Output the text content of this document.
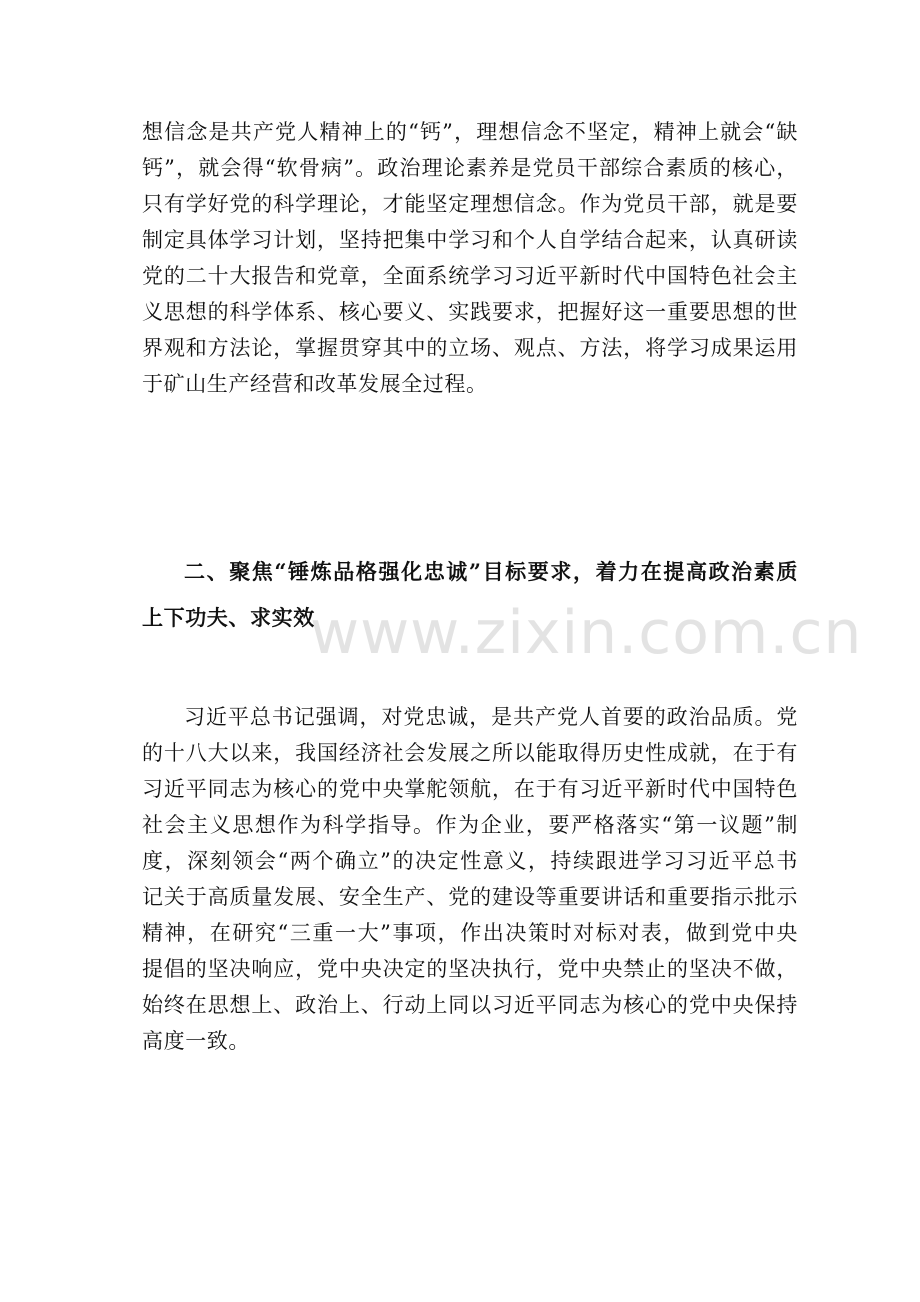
想信念是共产党人精神上的“钙”，理想信念不坚定，精神上就会“缺
钙”，就会得“软骨病”。政治理论素养是党员干部综合素质的核心，
只有学好党的科学理论，才能坚定理想信念。作为党员干部，就是要
制定具体学习计划，坚持把集中学习和个人自学结合起来，认真研读
党的二十大报告和党章，全面系统学习习近平新时代中国特色社会主
义思想的科学体系、核心要义、实践要求，把握好这一重要思想的世
界观和方法论，掌握贯穿其中的立场、观点、方法，将学习成果运用
于矿山生产经营和改革发展全过程。
二、聚焦“锤炼品格强化忠诚”目标要求，着力在提高政治素质
上下功夫、求实效
习近平总书记强调，对党忠诚，是共产党人首要的政治品质。党
的十八大以来，我国经济社会发展之所以能取得历史性成就，在于有
习近平同志为核心的党中央掌舵领航，在于有习近平新时代中国特色
社会主义思想作为科学指导。作为企业，要严格落实“第一议题”制
度，深刻领会“两个确立”的决定性意义，持续跟进学习习近平总书
记关于高质量发展、安全生产、党的建设等重要讲话和重要指示批示
精神，在研究“三重一大”事项，作出决策时对标对表，做到党中央
提倡的坚决响应，党中央决定的坚决执行，党中央禁止的坚决不做，
始终在思想上、政治上、行动上同以习近平同志为核心的党中央保持
高度一致。
www.zixin.com.cn
